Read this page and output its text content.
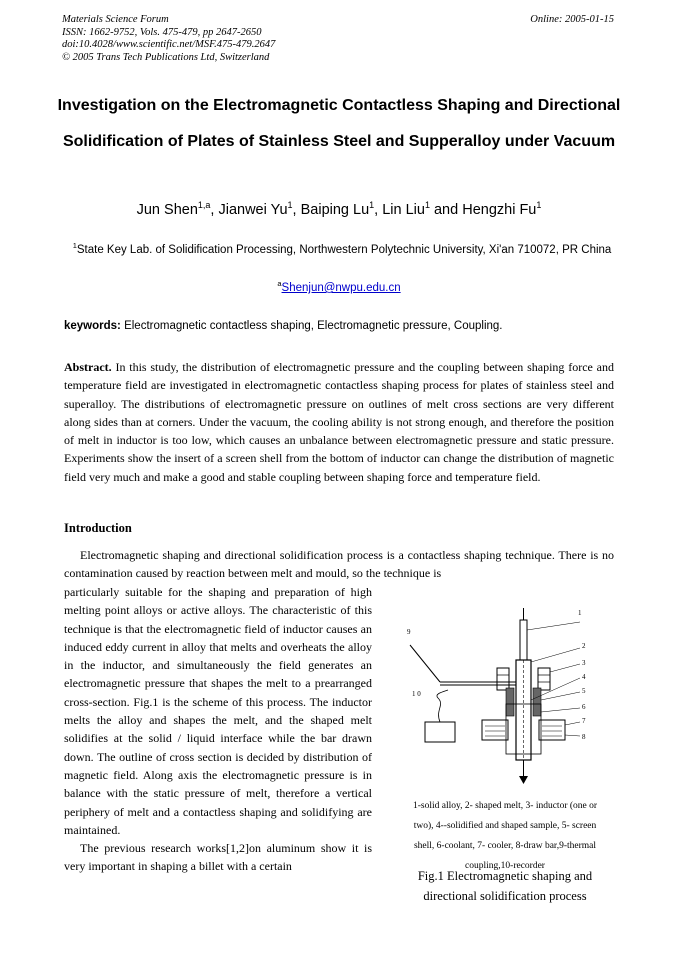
Materials Science Forum
ISSN: 1662-9752, Vols. 475-479, pp 2647-2650
doi:10.4028/www.scientific.net/MSF.475-479.2647
© 2005 Trans Tech Publications Ltd, Switzerland
Online: 2005-01-15
Investigation on the Electromagnetic Contactless Shaping and Directional Solidification of Plates of Stainless Steel and Supperalloy under Vacuum
Jun Shen$^{1,a}$, Jianwei Yu$^1$, Baiping Lu$^1$, Lin Liu$^1$ and Hengzhi Fu$^1$
$^1$State Key Lab. of Solidification Processing, Northwestern Polytechnic University, Xi'an 710072, PR China
$^a$Shenjun@nwpu.edu.cn
keywords: Electromagnetic contactless shaping, Electromagnetic pressure, Coupling.
Abstract. In this study, the distribution of electromagnetic pressure and the coupling between shaping force and temperature field are investigated in electromagnetic contactless shaping process for plates of stainless steel and superalloy. The distributions of electromagnetic pressure on outlines of melt cross sections are very different along sides than at corners. Under the vacuum, the cooling ability is not strong enough, and therefore the position of melt in inductor is too low, which causes an unbalance between electromagnetic pressure and static pressure. Experiments show the insert of a screen shell from the bottom of inductor can change the distribution of magnetic field very much and make a good and stable coupling between shaping force and temperature field.
Introduction
Electromagnetic shaping and directional solidification process is a contactless shaping technique. There is no contamination caused by reaction between melt and mould, so the technique is

particularly suitable for the shaping and preparation of high melting point alloys or active alloys. The characteristic of this technique is that the electromagnetic field of inductor causes an induced eddy current in alloy that melts and overheats the alloy in the inductor, and simultaneously the field generates an electromagnetic pressure that shapes the melt to a prearranged cross-section. Fig.1 is the scheme of this process. The inductor melts the alloy and shapes the melt, and the shaped melt solidifies at the solid / liquid interface while the bar drawn down. The outline of cross section is decided by distribution of magnetic field. Along axis the electromagnetic pressure is in balance with the static pressure of melt, therefore a vertical periphery of melt and a contactless shaping and solidifying are maintained.

The previous research works[1,2]on aluminum show it is very important in shaping a billet with a certain

1
2
3
4
5
6
7
8
9
1 0
1-solid alloy, 2- shaped melt, 3- inductor (one or
two), 4--solidified and shaped sample, 5- screen
shell, 6-coolant, 7- cooler, 8-draw bar,9-thermal
coupling,10-recorder
Fig.1 Electromagnetic shaping and
directional solidification process
